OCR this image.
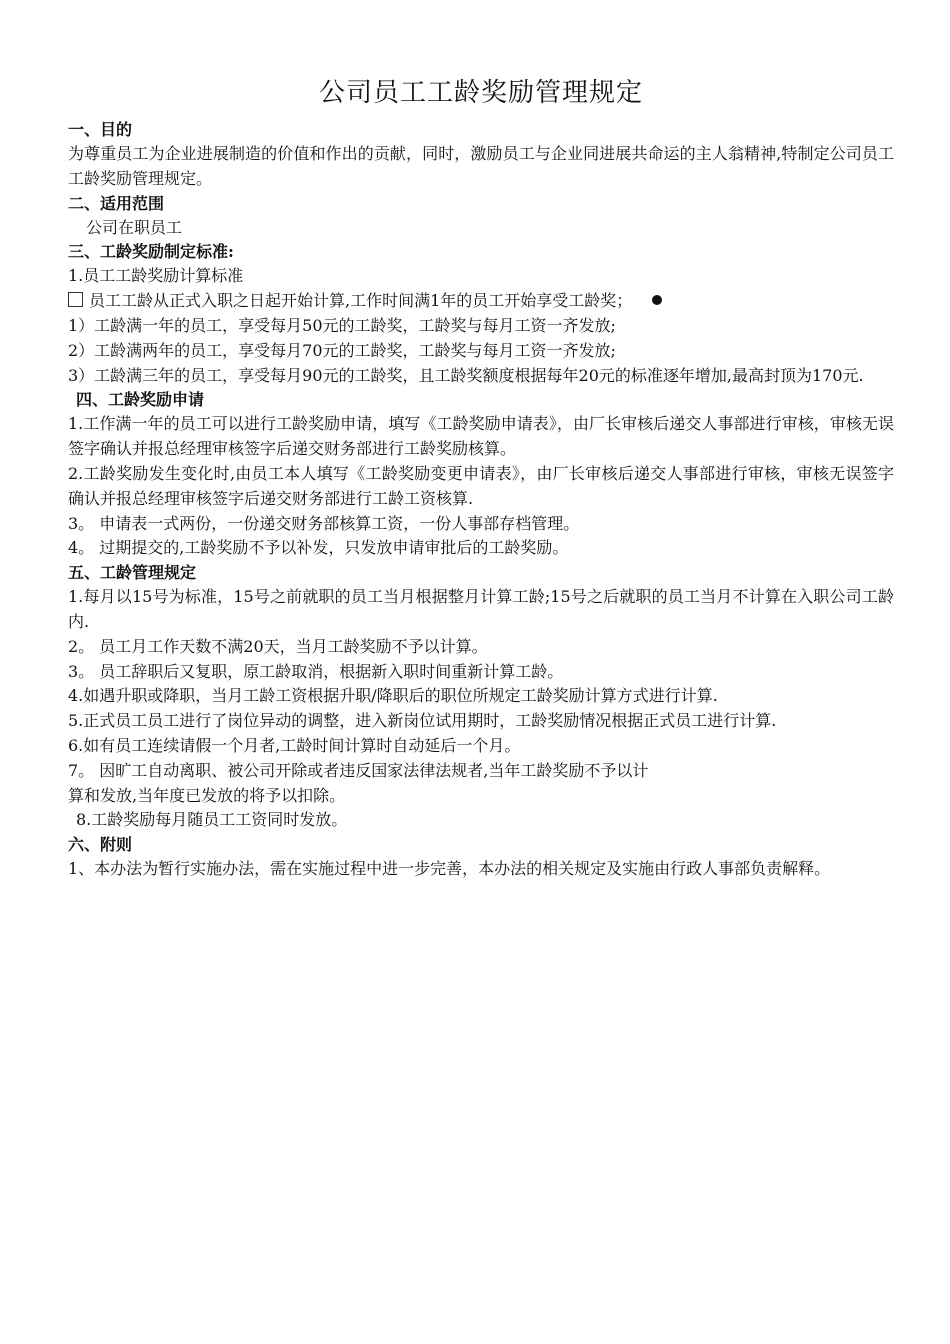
公司员工工龄奖励管理规定

一、目的

为尊重员工为企业进展制造的价值和作出的贡献，同时，激励员工与企业同进展共命运的主人翁精神,特制定公司员工工龄奖励管理规定。

二、适用范围

公司在职员工

三、工龄奖励制定标准:

1.员工工龄奖励计算标准

员工工龄从正式入职之日起开始计算,工作时间满1年的员工开始享受工龄奖；

1）工龄满一年的员工，享受每月50元的工龄奖，工龄奖与每月工资一齐发放;

2）工龄满两年的员工，享受每月70元的工龄奖，工龄奖与每月工资一齐发放;

3）工龄满三年的员工，享受每月90元的工龄奖，且工龄奖额度根据每年20元的标准逐年增加,最高封顶为170元.

四、工龄奖励申请

1.工作满一年的员工可以进行工龄奖励申请，填写《工龄奖励申请表》，由厂长审核后递交人事部进行审核，审核无误签字确认并报总经理审核签字后递交财务部进行工龄奖励核算。

2.工龄奖励发生变化时,由员工本人填写《工龄奖励变更申请表》，由厂长审核后递交人事部进行审核，审核无误签字确认并报总经理审核签字后递交财务部进行工龄工资核算.

3。 申请表一式两份，一份递交财务部核算工资，一份人事部存档管理。

4。 过期提交的,工龄奖励不予以补发，只发放申请审批后的工龄奖励。

五、工龄管理规定

1.每月以15号为标准，15号之前就职的员工当月根据整月计算工龄;15号之后就职的员工当月不计算在入职公司工龄内.

2。 员工月工作天数不满20天，当月工龄奖励不予以计算。

3。 员工辞职后又复职，原工龄取消，根据新入职时间重新计算工龄。

4.如遇升职或降职，当月工龄工资根据升职/降职后的职位所规定工龄奖励计算方式进行计算.

5.正式员工员工进行了岗位异动的调整，进入新岗位试用期时，工龄奖励情况根据正式员工进行计算.

6.如有员工连续请假一个月者,工龄时间计算时自动延后一个月。

7。 因旷工自动离职、被公司开除或者违反国家法律法规者,当年工龄奖励不予以计

算和发放,当年度已发放的将予以扣除。

8.工龄奖励每月随员工工资同时发放。

六、附则

1、本办法为暂行实施办法，需在实施过程中进一步完善，本办法的相关规定及实施由行政人事部负责解释。
